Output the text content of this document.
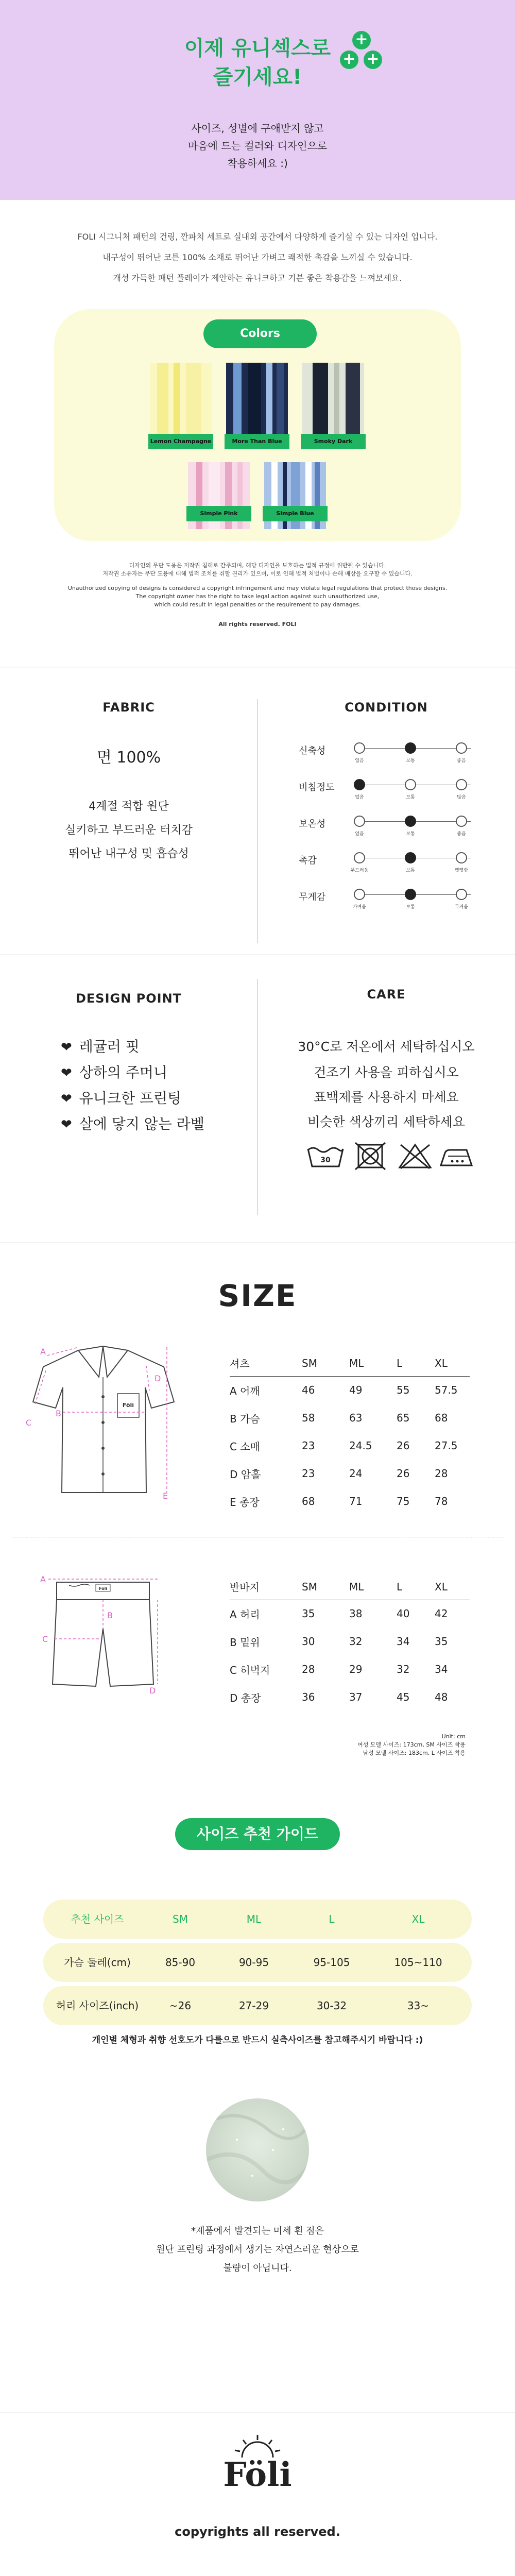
이제 유니섹스로
즐기세요!
+
+ +
사이즈, 성별에 구애받지 않고
마음에 드는 컬러와 디자인으로
착용하세요 :)

FOLI 시그니처 패턴의 건링, 깐파치 세트로 실내외 공간에서 다양하게 즐기실 수 있는 디자인 입니다.

내구성이 뛰어난 코튼 100% 소재로 뛰어난 가벼고 쾌적한 촉감을 느끼실 수 있습니다.

개성 가득한 패턴 플레이가 제안하는 유니크하고 기분 좋은 착용감을 느껴보세요.

Colors
Lemon Champagne	More Than Blue	Smoky Dark
Simple Pink	Simple Blue
디자인의 무단 도용은 저작권 침해로 간주되며, 해당 디자인을 보호하는 법적 규정에 위반될 수 있습니다.
저작권 소유자는 무단 도용에 대해 법적 조치를 취할 권리가 있으며, 이로 인해 법적 처벌이나 손해 배상을 요구할 수 있습니다.
Unauthorized copying of designs is considered a copyright infringement and may violate legal regulations that protect those designs.
The copyright owner has the right to take legal action against such unauthorized use,
which could result in legal penalties or the requirement to pay damages.
All rights reserved. FOLI
FABRIC
면 100%
4계절 적합 원단
실키하고 부드러운 터치감
뛰어난 내구성 및 흡습성
CONDITION
신축성
없음	보통	좋음
비침정도
없음	보통	많음
보온성
없음	보통	좋음
촉감
부드러움	보통	뻣뻣함
무게감
가벼움	보통	무거움
DESIGN POINT
❤ 레귤러 핏
❤ 상하의 주머니
❤ 유니크한 프린팅
❤ 살에 닿지 않는 라벨
CARE
30°C로 저온에서 세탁하십시오
건조기 사용을 피하십시오
표백제를 사용하지 마세요
비슷한 색상끼리 세탁하세요
30
SIZE
Föli
A
B
C
D
E
셔츠	SM	ML	L	XL
A 어깨	46	49	55	57.5
B 가슴	58	63	65	68
C 소매	23	24.5	26	27.5
D 암홀	23	24	26	28
E 총장	68	71	75	78
Föli
A
B
C
D
반바지	SM	ML	L	XL
A 허리	35	38	40	42
B 밑위	30	32	34	35
C 허벅지	28	29	32	34
D 총장	36	37	45	48
Unit: cm
여성 모델 사이즈: 173cm, SM 사이즈 착용
남성 모델 사이즈: 183cm, L 사이즈 착용
사이즈 추천 가이드
추천 사이즈	SM	ML	L	XL
가슴 둘레(cm)	85-90	90-95	95-105	105~110
허리 사이즈(inch)	~26	27-29	30-32	33~
개인별 체형과 취향 선호도가 다를으로 반드시 실측사이즈를 참고해주시기 바랍니다 :)
*제품에서 발견되는 미세 흰 점은
원단 프린팅 과정에서 생기는 자연스러운 현상으로
불량이 아닙니다.
Föli
copyrights all reserved.
